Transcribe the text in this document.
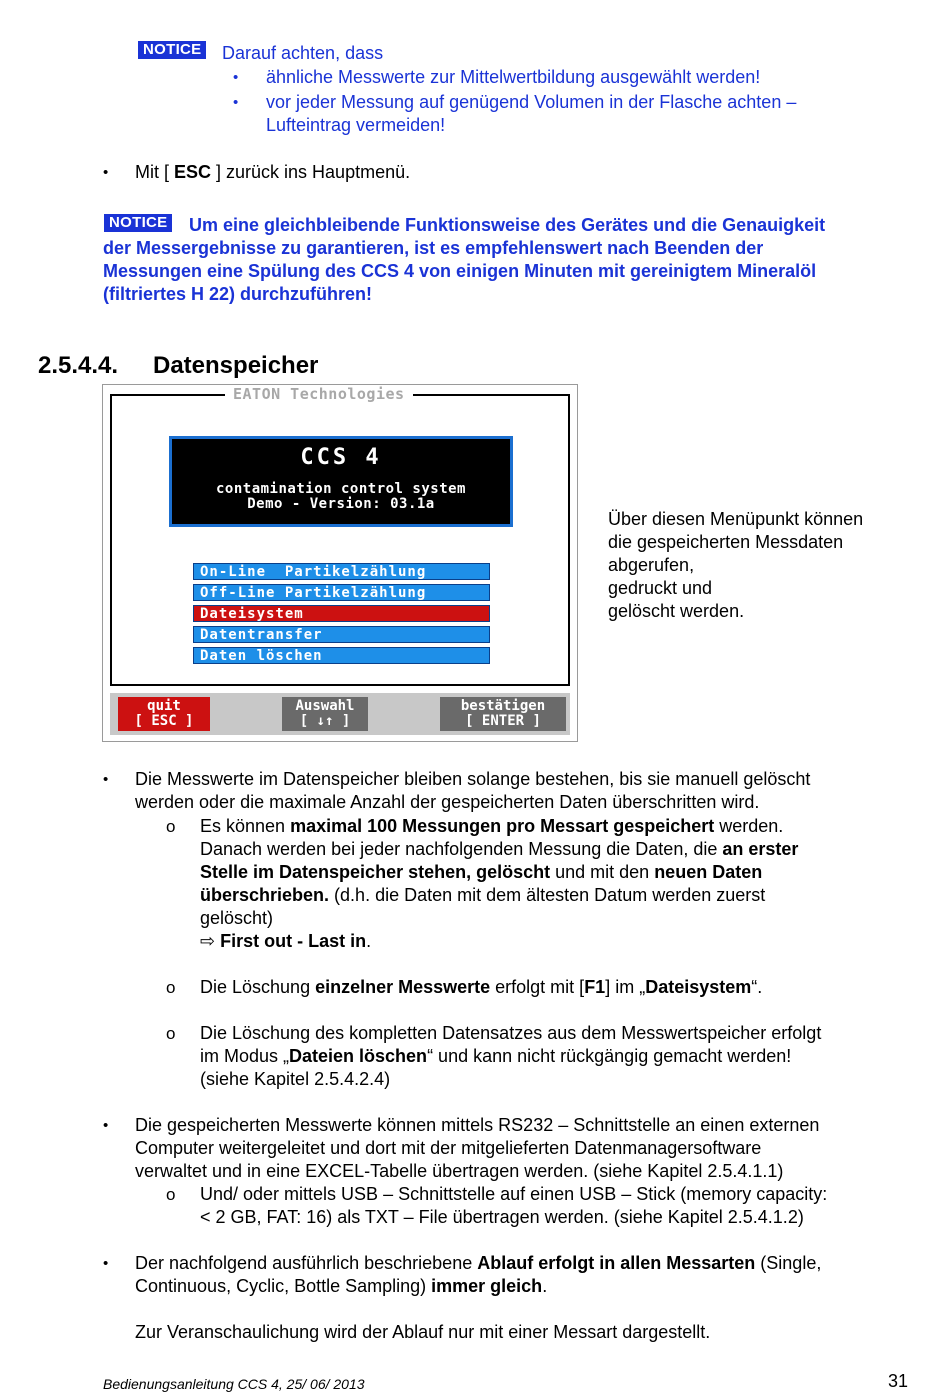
NOTICE Darauf achten, dass
• ähnliche Messwerte zur Mittelwertbildung ausgewählt werden!
• vor jeder Messung auf genügend Volumen in der Flasche achten –
Lufteintrag vermeiden!
• Mit [ ESC ] zurück ins Hauptmenü.
NOTICE Um eine gleichbleibende Funktionsweise des Gerätes und die Genauigkeit
der Messergebnisse zu garantieren, ist es empfehlenswert nach Beenden der
Messungen eine Spülung des CCS 4 von einigen Minuten mit gereinigtem Mineralöl
(filtriertes H 22) durchzuführen!
2.5.4.4. Datenspeicher
EATON Technologies
CCS 4
contamination control system
Demo - Version: 03.1a
On-Line  Partikelzählung
Off-Line Partikelzählung
Dateisystem
Datentransfer
Daten löschen
quit
[ ESC ]
Auswahl
[ ↓↑ ]
bestätigen
[ ENTER ]
Über diesen Menüpunkt können
die gespeicherten Messdaten
abgerufen,
gedruckt und
gelöscht werden.
• Die Messwerte im Datenspeicher bleiben solange bestehen, bis sie manuell gelöscht
werden oder die maximale Anzahl der gespeicherten Daten überschritten wird.
o Es können maximal 100 Messungen pro Messart gespeichert werden.
Danach werden bei jeder nachfolgenden Messung die Daten, die an erster
Stelle im Datenspeicher stehen, gelöscht und mit den neuen Daten
überschrieben. (d.h. die Daten mit dem ältesten Datum werden zuerst
gelöscht)
⇨ First out - Last in.
o Die Löschung einzelner Messwerte erfolgt mit [F1] im „Dateisystem“.
o Die Löschung des kompletten Datensatzes aus dem Messwertspeicher erfolgt
im Modus „Dateien löschen“ und kann nicht rückgängig gemacht werden!
(siehe Kapitel 2.5.4.2.4)
• Die gespeicherten Messwerte können mittels RS232 – Schnittstelle an einen externen
Computer weitergeleitet und dort mit der mitgelieferten Datenmanagersoftware
verwaltet und in eine EXCEL-Tabelle übertragen werden. (siehe Kapitel 2.5.4.1.1)
o Und/ oder mittels USB – Schnittstelle auf einen USB – Stick (memory capacity:
< 2 GB, FAT: 16) als TXT – File übertragen werden. (siehe Kapitel 2.5.4.1.2)
• Der nachfolgend ausführlich beschriebene Ablauf erfolgt in allen Messarten (Single,
Continuous, Cyclic, Bottle Sampling) immer gleich.
Zur Veranschaulichung wird der Ablauf nur mit einer Messart dargestellt.
Bedienungsanleitung CCS 4, 25/ 06/ 2013	31
